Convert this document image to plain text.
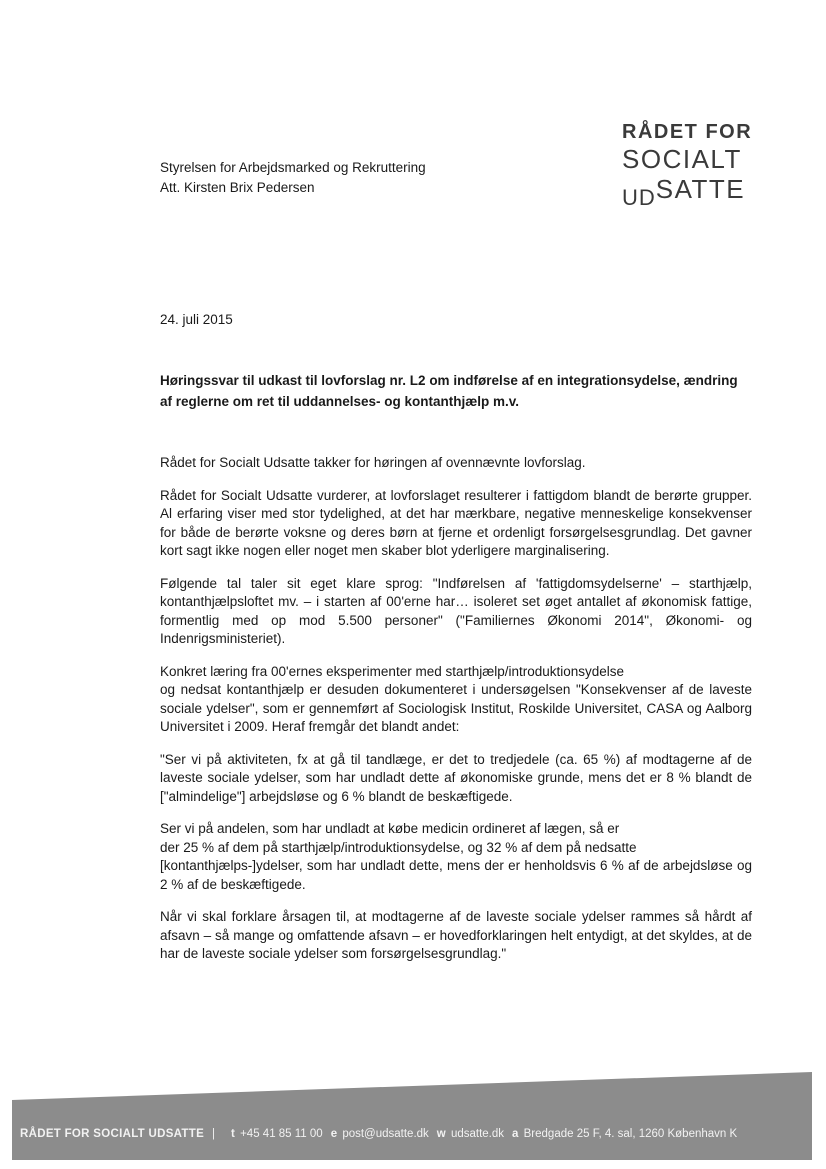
RÅDET FOR
SOCIALT
$_{UD}$SATTE
Styrelsen for Arbejdsmarked og Rekruttering
Att. Kirsten Brix Pedersen
24. juli 2015
Høringssvar til udkast til lovforslag nr. L2 om indførelse af en integrationsydelse, ændring af reglerne om ret til uddannelses- og kontanthjælp m.v.

Rådet for Socialt Udsatte takker for høringen af ovennævnte lovforslag.

Rådet for Socialt Udsatte vurderer, at lovforslaget resulterer i fattigdom blandt de berørte grupper. Al erfaring viser med stor tydelighed, at det har mærkbare, negative menneskelige konsekvenser for både de berørte voksne og deres børn at fjerne et ordenligt forsørgelsesgrundlag. Det gavner kort sagt ikke nogen eller noget men skaber blot yderligere marginalisering.

Følgende tal taler sit eget klare sprog: "Indførelsen af 'fattigdomsydelserne' – starthjælp, kontanthjælpsloftet mv. – i starten af 00'erne har… isoleret set øget antallet af økonomisk fattige, formentlig med op mod 5.500 personer" ("Familiernes Økonomi 2014", Økonomi- og Indenrigsministeriet).

Konkret læring fra 00'ernes eksperimenter med starthjælp/introduktionsydelse
og nedsat kontanthjælp er desuden dokumenteret i undersøgelsen "Konsekvenser af de laveste sociale ydelser", som er gennemført af Sociologisk Institut, Roskilde Universitet, CASA og Aalborg Universitet i 2009. Heraf fremgår det blandt andet:

"Ser vi på aktiviteten, fx at gå til tandlæge, er det to tredjedele (ca. 65 %) af modtagerne af de laveste sociale ydelser, som har undladt dette af økonomiske grunde, mens det er 8 % blandt de ["almindelige"] arbejdsløse og 6 % blandt de beskæftigede.

Ser vi på andelen, som har undladt at købe medicin ordineret af lægen, så er
der 25 % af dem på starthjælp/introduktionsydelse, og 32 % af dem på nedsatte
[kontanthjælps-]ydelser, som har undladt dette, mens der er henholdsvis 6 % af de arbejdsløse og 2 % af de beskæftigede.

Når vi skal forklare årsagen til, at modtagerne af de laveste sociale ydelser rammes så hårdt af afsavn – så mange og omfattende afsavn – er hovedforklaringen helt entydigt, at det skyldes, at de har de laveste sociale ydelser som forsørgelsesgrundlag."

RÅDET FOR SOCIALT UDSATTE | t +45 41 85 11 00 e post@udsatte.dk w udsatte.dk a Bredgade 25 F, 4. sal, 1260 København K
